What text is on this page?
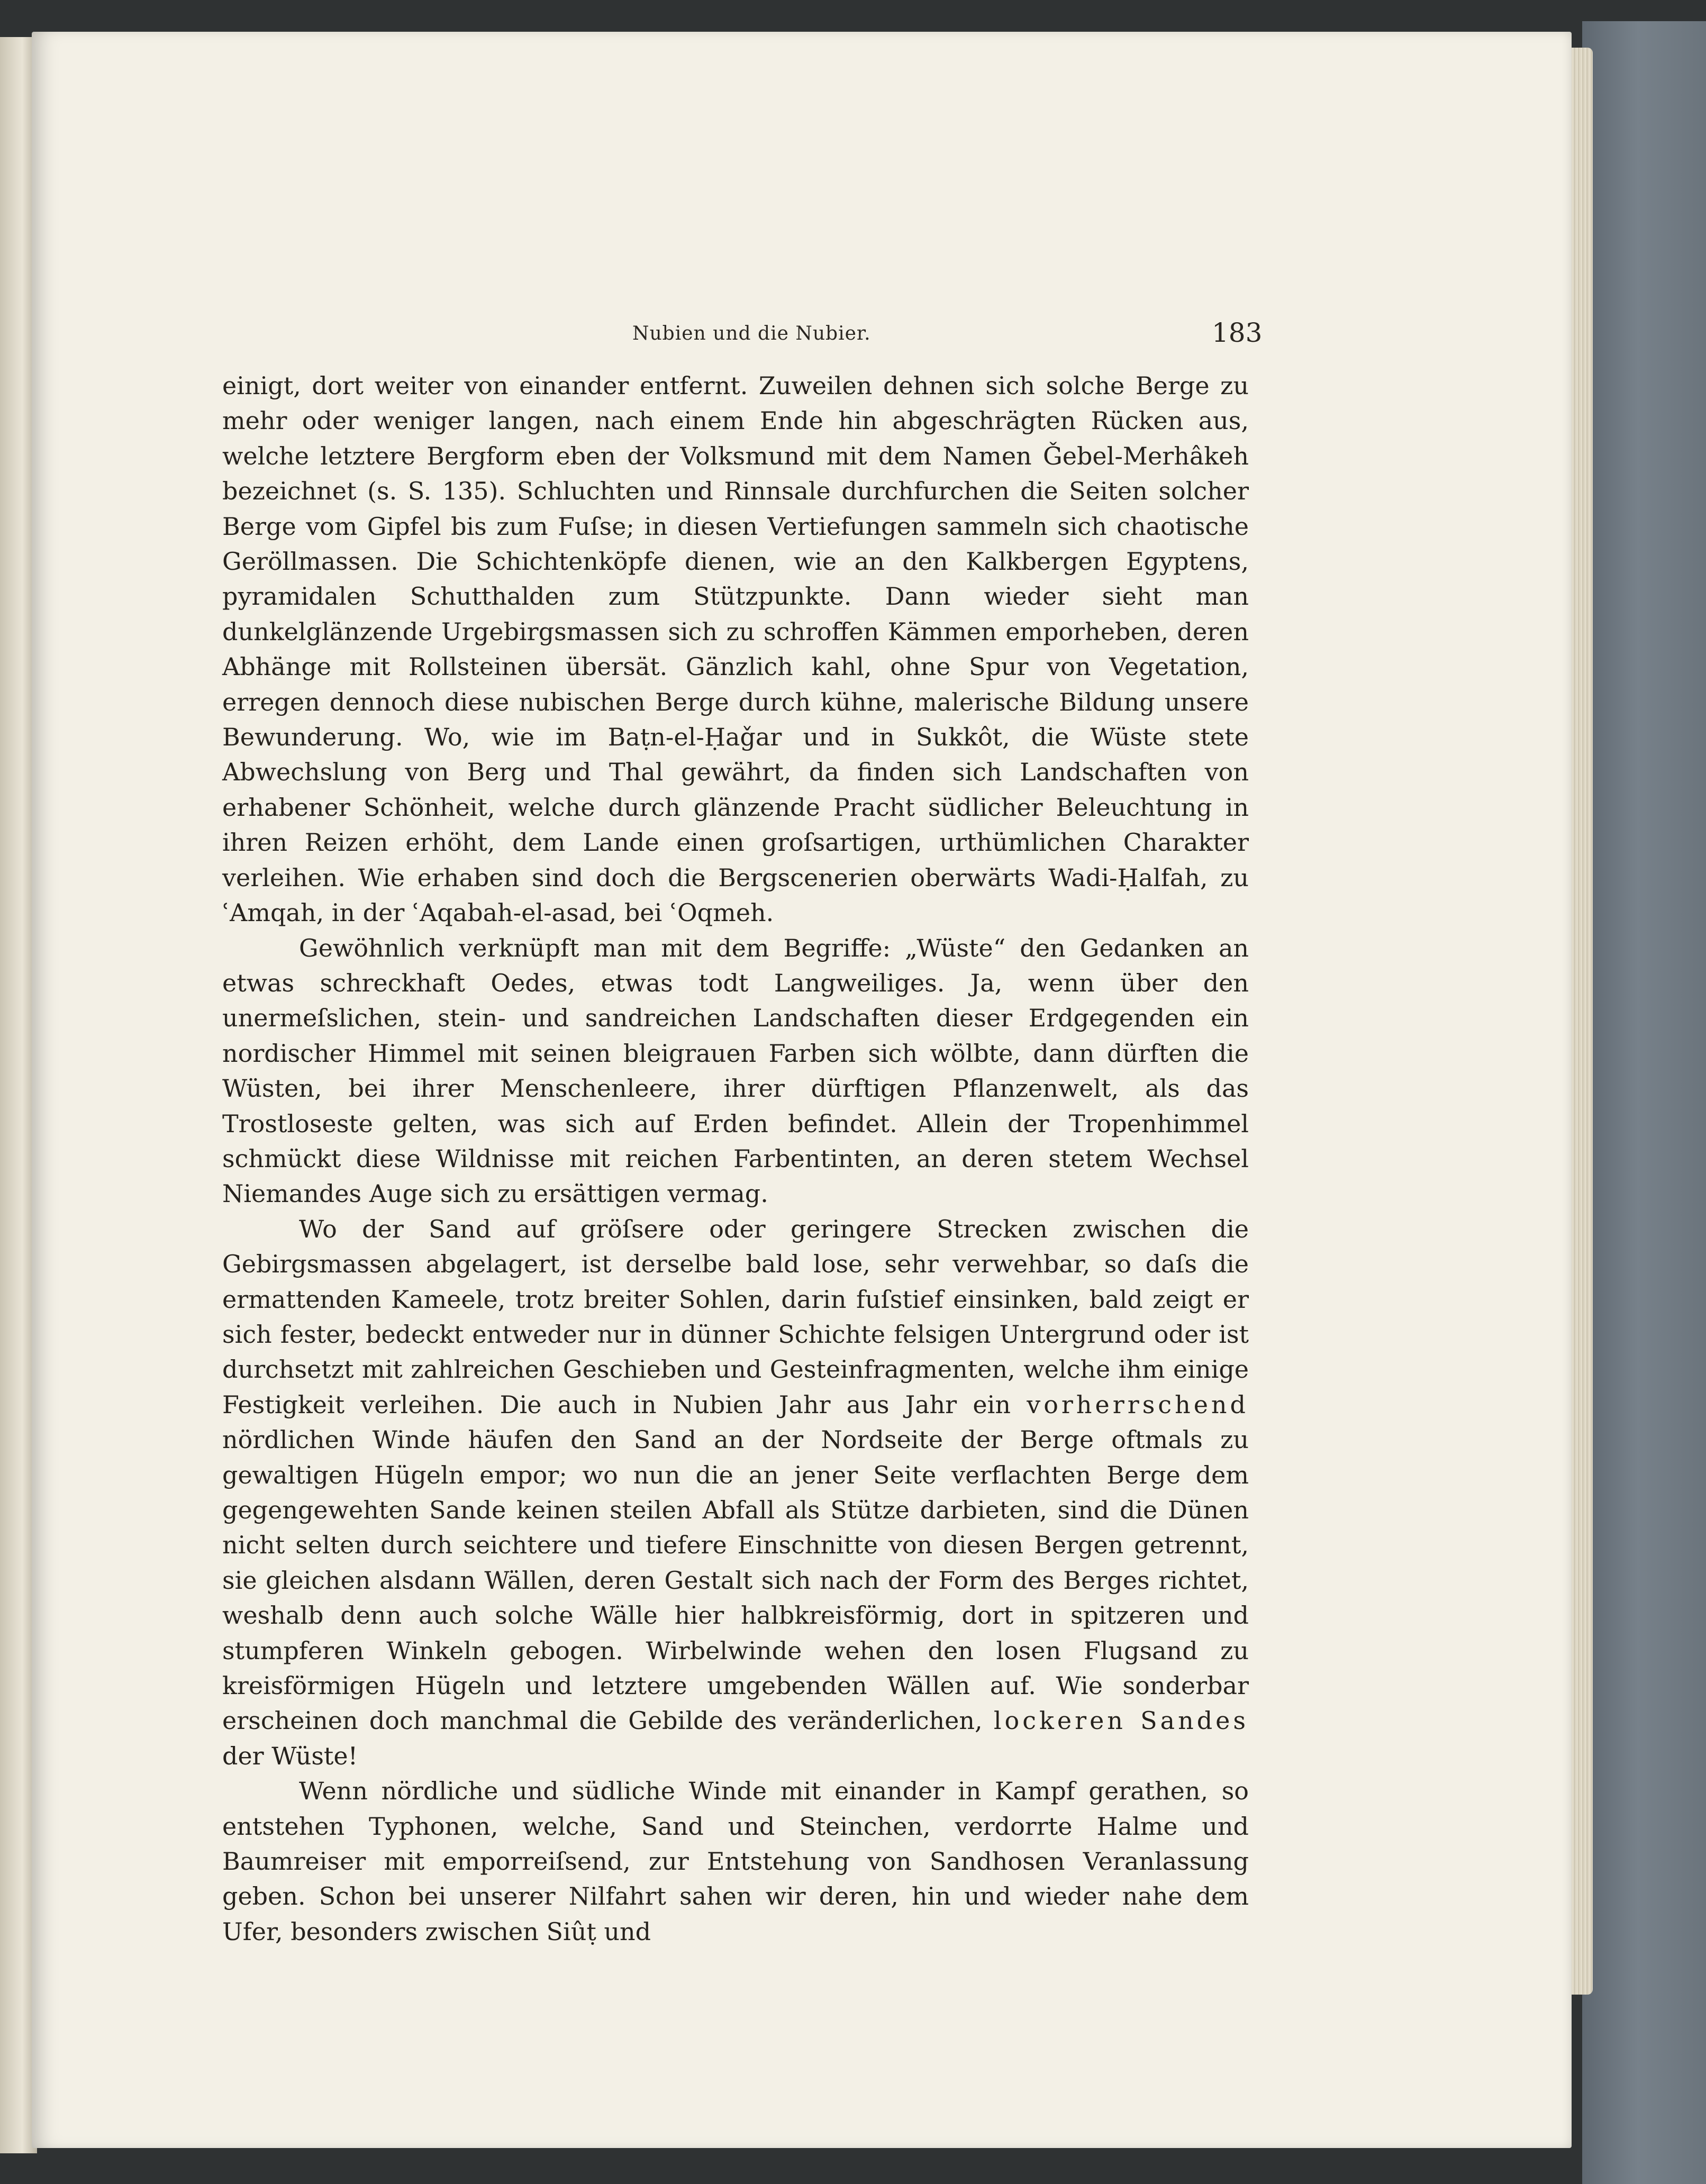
Nubien und die Nubier.	183

einigt, dort weiter von einander entfernt. Zuweilen dehnen sich solche Berge zu mehr oder weniger langen, nach einem Ende hin abgeschrägten Rücken aus, welche letztere Bergform eben der Volksmund mit dem Namen Ǧebel-Merhâkeh bezeichnet (s. S. 135). Schluchten und Rinnsale durchfurchen die Seiten solcher Berge vom Gipfel bis zum Fuſse; in diesen Vertiefungen sammeln sich chaotische Geröllmassen. Die Schichtenköpfe dienen, wie an den Kalkbergen Egyptens, pyramidalen Schutthalden zum Stützpunkte. Dann wieder sieht man dunkelglänzende Urgebirgsmassen sich zu schroffen Kämmen emporheben, deren Abhänge mit Rollsteinen übersät. Gänzlich kahl, ohne Spur von Vegetation, erregen dennoch diese nubischen Berge durch kühne, malerische Bildung unsere Bewunderung. Wo, wie im Baṭn-el-Ḥaǧar und in Sukkôt, die Wüste stete Abwechslung von Berg und Thal gewährt, da finden sich Landschaften von erhabener Schönheit, welche durch glänzende Pracht südlicher Beleuchtung in ihren Reizen erhöht, dem Lande einen groſsartigen, urthümlichen Charakter verleihen. Wie erhaben sind doch die Bergscenerien oberwärts Wadi-Ḥalfah, zu ʿAmqah, in der ʿAqabah-el-asad, bei ʿOqmeh.

Gewöhnlich verknüpft man mit dem Begriffe: „Wüste“ den Gedanken an etwas schreckhaft Oedes, etwas todt Langweiliges. Ja, wenn über den unermeſslichen, stein- und sandreichen Landschaften dieser Erdgegenden ein nordischer Himmel mit seinen bleigrauen Farben sich wölbte, dann dürften die Wüsten, bei ihrer Menschenleere, ihrer dürftigen Pflanzenwelt, als das Trostloseste gelten, was sich auf Erden befindet. Allein der Tropenhimmel schmückt diese Wildnisse mit reichen Farbentinten, an deren stetem Wechsel Niemandes Auge sich zu ersättigen vermag.

Wo der Sand auf gröſsere oder geringere Strecken zwischen die Gebirgsmassen abgelagert, ist derselbe bald lose, sehr verwehbar, so daſs die ermattenden Kameele, trotz breiter Sohlen, darin fuſstief einsinken, bald zeigt er sich fester, bedeckt entweder nur in dünner Schichte felsigen Untergrund oder ist durchsetzt mit zahlreichen Geschieben und Gesteinfragmenten, welche ihm einige Festigkeit verleihen. Die auch in Nubien Jahr aus Jahr ein vorherrschend nördlichen Winde häufen den Sand an der Nordseite der Berge oftmals zu gewaltigen Hügeln empor; wo nun die an jener Seite verflachten Berge dem gegengewehten Sande keinen steilen Abfall als Stütze darbieten, sind die Dünen nicht selten durch seichtere und tiefere Einschnitte von diesen Bergen getrennt, sie gleichen alsdann Wällen, deren Gestalt sich nach der Form des Berges richtet, weshalb denn auch solche Wälle hier halbkreisförmig, dort in spitzeren und stumpferen Winkeln gebogen. Wirbelwinde wehen den losen Flugsand zu kreisförmigen Hügeln und letztere umgebenden Wällen auf. Wie sonderbar erscheinen doch manchmal die Gebilde des veränderlichen, lockeren Sandes der Wüste!

Wenn nördliche und südliche Winde mit einander in Kampf gerathen, so entstehen Typhonen, welche, Sand und Steinchen, verdorrte Halme und Baumreiser mit emporreiſsend, zur Entstehung von Sandhosen Veranlassung geben. Schon bei unserer Nilfahrt sahen wir deren, hin und wieder nahe dem Ufer, besonders zwischen Siûṭ und
